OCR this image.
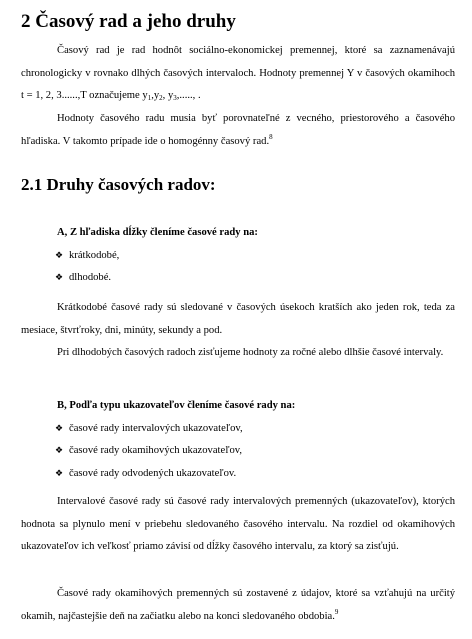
2 Časový rad a jeho druhy

Časový rad je rad hodnôt sociálno-ekonomickej premennej, ktoré sa zaznamenávajú chronologicky v rovnako dlhých časových intervaloch. Hodnoty premennej Y v časových okamihoch t = 1, 2, 3......,T označujeme $y_1,y_2$, $y_3$,....., .

Hodnoty časového radu musia byť porovnateľné z vecného, priestorového a časového hľadiska. V takomto prípade ide o homogénny časový rad.$^8$

2.1 Druhy časových radov:

A, Z hľadiska dĺžky členíme časové rady na:

❖ krátkodobé,
❖ dlhodobé.

Krátkodobé časové rady sú sledované v časových úsekoch kratších ako jeden rok, teda za mesiace, štvrťroky, dni, minúty, sekundy a pod.

Pri dlhodobých časových radoch zisťujeme hodnoty za ročné alebo dlhšie časové intervaly.

B, Podľa typu ukazovateľov členíme časové rady na:

❖ časové rady intervalových ukazovateľov,
❖ časové rady okamihových ukazovateľov,
❖ časové rady odvodených ukazovateľov.

Intervalové časové rady sú časové rady intervalových premenných (ukazovateľov), ktorých hodnota sa plynulo mení v priebehu sledovaného časového intervalu. Na rozdiel od okamihových ukazovateľov ich veľkosť priamo závisí od dĺžky časového intervalu, za ktorý sa zisťujú.

Časové rady okamihových premenných sú zostavené z údajov, ktoré sa vzťahujú na určitý okamih, najčastejšie deň na začiatku alebo na konci sledovaného obdobia.$^9$
